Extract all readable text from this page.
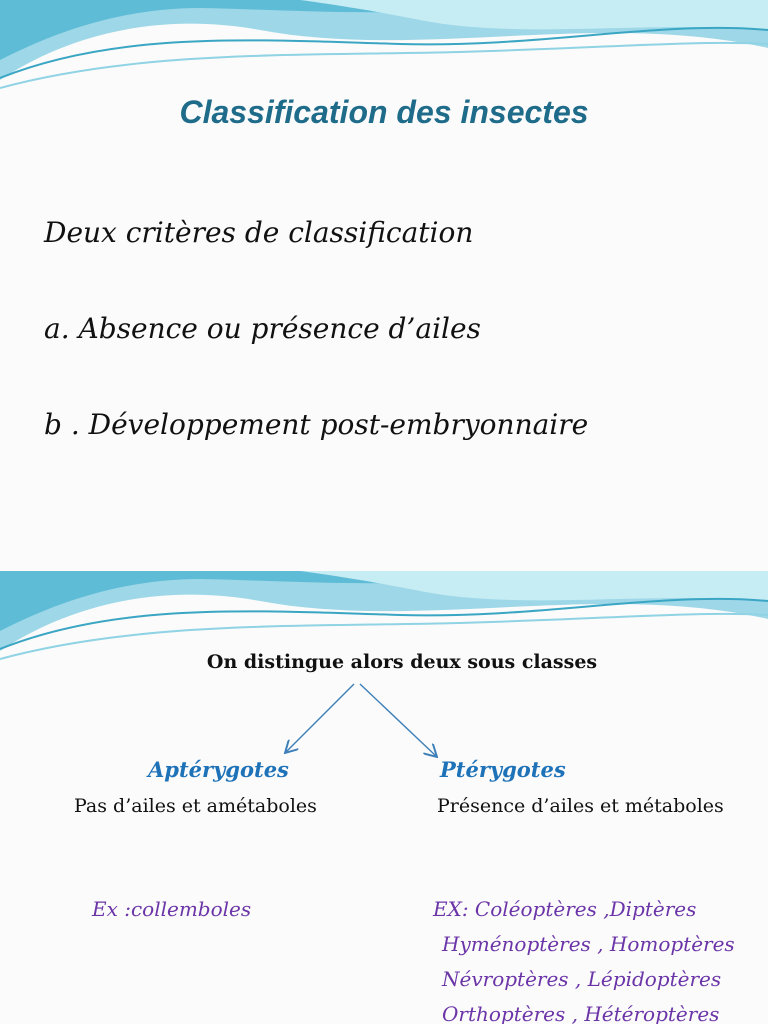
Classification des insectes
Deux critères de classification
a. Absence ou présence d’ailes
b . Développement post-embryonnaire
On distingue alors deux sous classes
Aptérygotes
Pas d’ailes et amétaboles
Ptérygotes
Présence d’ailes et métaboles
Ex :collemboles	EX: Coléoptères ,Diptères
Hyménoptères , Homoptères
Névroptères , Lépidoptères
Orthoptères , Hétéroptères
